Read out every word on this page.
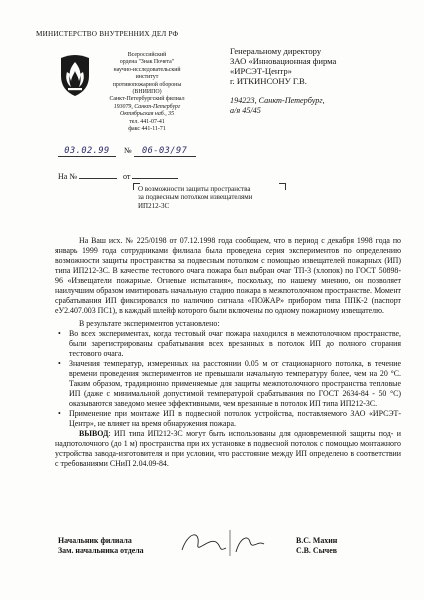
МИНИСТЕРСТВО ВНУТРЕННИХ ДЕЛ РФ
Всероссийский
ордена "Знак Почета"
научно-исследовательский
институт
противопожарной обороны
(ВНИИПО)
Санкт-Петербургский филиал
193079, Санкт-Петербург
Октябрьская наб., 35
тел. 441-07-41
факс 441-11-71
Генеральному директору
ЗАО «Инновационная фирма
«ИРСЭТ-Центр»
г. ИТКИНСОНУ Г.В.
194223, Санкт-Петербург,
а/я 45/45
03.02.99 № 06-03/97
На №	от
О возможности защиты пространства
за подвесным потолком извещателями
ИП212-3С

На Ваш исх. № 225/0198 от 07.12.1998 года сообщаем, что в период с декабря 1998 года по январь 1999 года сотрудниками филиала была проведена серия экспериментов по определению возможности защиты пространства за подвесным потолком с помощью извещателей пожарных (ИП) типа ИП212-3С. В качестве тестового очага пожара был выбран очаг ТП-3 (хлопок) по ГОСТ 50898-96 «Извещатели пожарные. Огневые испытания», поскольку, по нашему мнению, он позволяет наилучшим образом имитировать начальную стадию пожара в межпотолочном пространстве. Момент срабатывания ИП фиксировался по наличию сигнала «ПОЖАР» прибором типа ППК-2 (паспорт еУ2.407.003 ПС1), в каждый шлейф которого были включены по одному пожарному извещателю.

В результате экспериментов установлено:

• Во всех экспериментах, когда тестовый очаг пожара находился в межпотолочном пространстве, были зарегистрированы срабатывания всех врезанных в потолок ИП до полного сгорания тестового очага.

• Значения температур, измеренных на расстоянии 0.05 м от стационарного потолка, в течение времени проведения экспериментов не превышали начальную температуру более, чем на 20 °С. Таким образом, традиционно применяемые для защиты межпотолочного пространства тепловые ИП (даже с минимальной допустимой температурой срабатывания по ГОСТ 2634-84 - 50 °С) оказываются заведомо менее эффективными, чем врезанные в потолок ИП типа ИП212-3С.

• Применение при монтаже ИП в подвесной потолок устройства, поставляемого ЗАО «ИРСЭТ-Центр», не влияет на время обнаружения пожара.

ВЫВОД: ИП типа ИП212-3С могут быть использованы для одновременной защиты под- и надпотолочного (до 1 м) пространства при их установке в подвесной потолок с помощью монтажного устройства завода-изготовителя и при условии, что расстояние между ИП определено в соответствии с требованиями СНиП 2.04.09-84.

Начальник филиала
Зам. начальника отдела
В.С. Махин
С.В. Сычев
